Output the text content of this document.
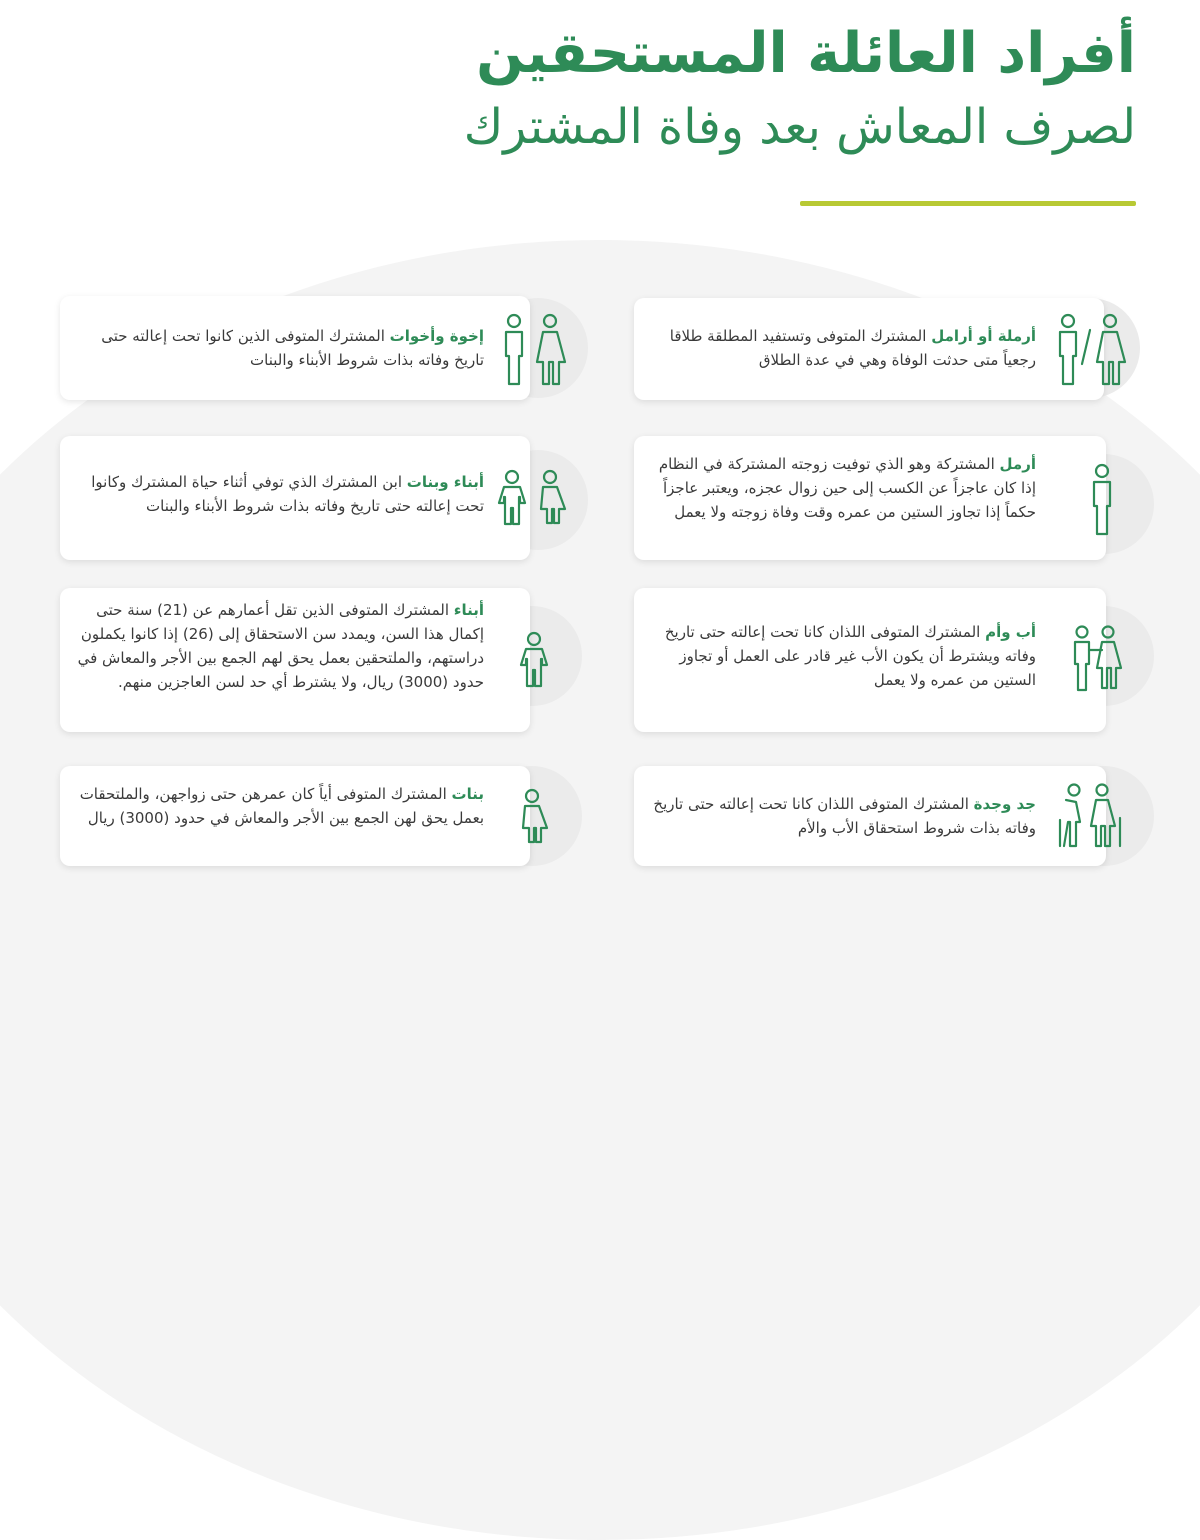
أفراد العائلة المستحقين
لصرف المعاش بعد وفاة المشترك
أرملة أو أرامل المشترك المتوفى وتستفيد المطلقة طلاقا رجعياً متى حدثت الوفاة وهي في عدة الطلاق
إخوة وأخوات المشترك المتوفى الذين كانوا تحت إعالته حتى تاريخ وفاته بذات شروط الأبناء والبنات
أرمل المشتركة وهو الذي توفيت زوجته المشتركة في النظام إذا كان عاجزاً عن الكسب إلى حين زوال عجزه، ويعتبر عاجزاً حكماً إذا تجاوز الستين من عمره وقت وفاة زوجته ولا يعمل
أبناء وبنات ابن المشترك الذي توفي أثناء حياة المشترك وكانوا تحت إعالته حتى تاريخ وفاته بذات شروط الأبناء والبنات
أب وأم المشترك المتوفى اللذان كانا تحت إعالته حتى تاريخ وفاته ويشترط أن يكون الأب غير قادر على العمل أو تجاوز الستين من عمره ولا يعمل
أبناء المشترك المتوفى الذين تقل أعمارهم عن (21) سنة حتى إكمال هذا السن، ويمدد سن الاستحقاق إلى (26) إذا كانوا يكملون دراستهم، والملتحقين بعمل يحق لهم الجمع بين الأجر والمعاش في حدود (3000) ريال، ولا يشترط أي حد لسن العاجزين منهم.
جد وجدة المشترك المتوفى اللذان كانا تحت إعالته حتى تاريخ وفاته بذات شروط استحقاق الأب والأم
بنات المشترك المتوفى أياً كان عمرهن حتى زواجهن، والملتحقات بعمل يحق لهن الجمع بين الأجر والمعاش في حدود (3000) ريال
